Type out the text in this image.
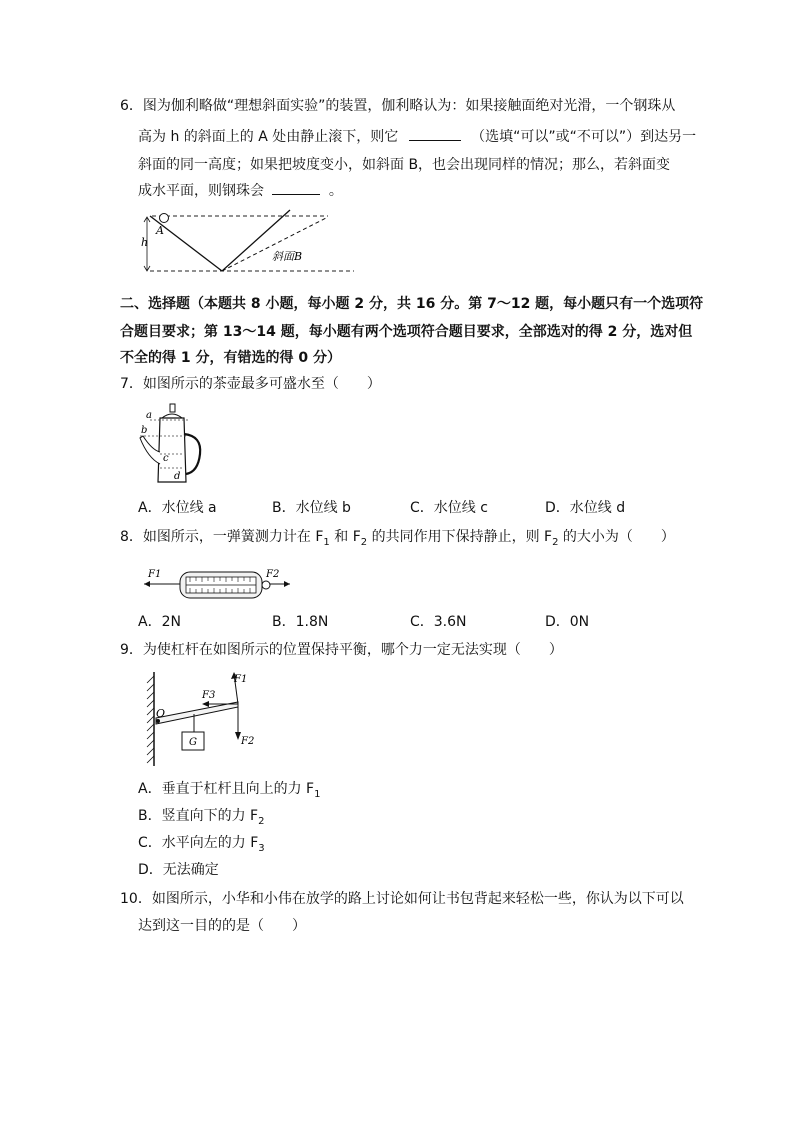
6．图为伽利略做“理想斜面实验”的装置，伽利略认为：如果接触面绝对光滑，一个钢珠从
高为 h 的斜面上的 A 处由静止滚下，则它	（选填“可以”或“不可以”）到达另一
斜面的同一高度；如果把坡度变小，如斜面 B，也会出现同样的情况；那么，若斜面变
成水平面，则钢珠会	。
h
A
斜面B
二、选择题（本题共 8 小题，每小题 2 分，共 16 分。第 7～12 题，每小题只有一个选项符
合题目要求；第 13～14 题，每小题有两个选项符合题目要求，全部选对的得 2 分，选对但
不全的得 1 分，有错选的得 0 分）
7．如图所示的茶壶最多可盛水至（　　）
a
b
c
d
A．水位线 a	B．水位线 b	C．水位线 c	D．水位线 d
8．如图所示，一弹簧测力计在 $F_1$ 和 $F_2$ 的共同作用下保持静止，则 $F_2$ 的大小为（　　）
F1	F2
A．2N	B．1.8N	C．3.6N	D．0N
9．为使杠杆在如图所示的位置保持平衡，哪个力一定无法实现（　　）
O
G
F1
F2
F3
A．垂直于杠杆且向上的力 $F_1$
B．竖直向下的力 $F_2$
C．水平向左的力 $F_3$
D．无法确定
10．如图所示，小华和小伟在放学的路上讨论如何让书包背起来轻松一些，你认为以下可以
达到这一目的的是（　　）
